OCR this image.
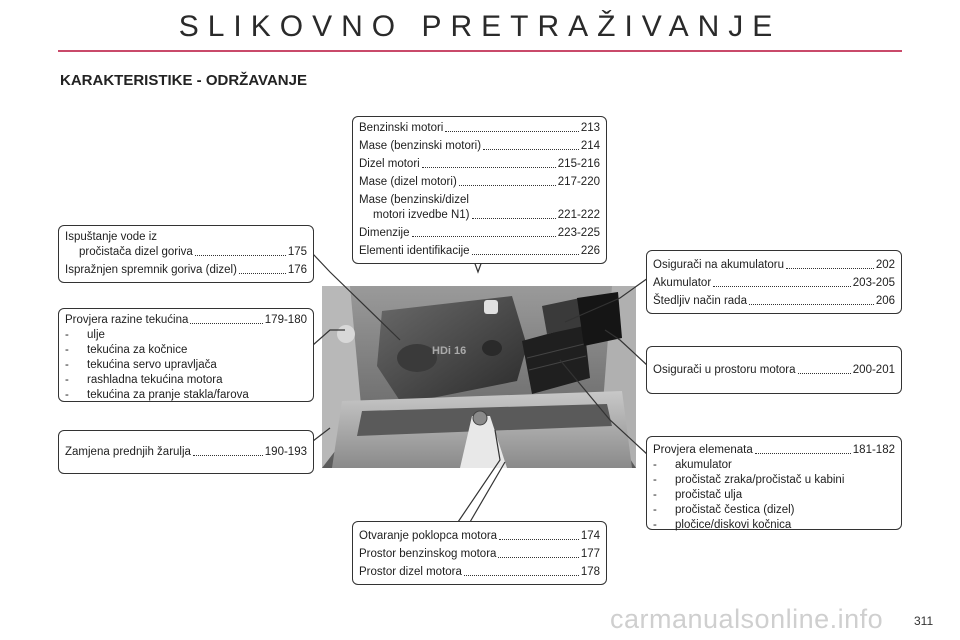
SLIKOVNO PRETRAŽIVANJE
KARAKTERISTIKE - ODRŽAVANJE
HDi 16
Benzinski motori	213
Mase (benzinski motori)	214
Dizel motori	215-216
Mase (dizel motori)	217-220
Mase (benzinski/dizel
motori izvedbe N1)	221-222
Dimenzije	223-225
Elementi identifikacije	226
Ispuštanje vode iz
pročistača dizel goriva	175
Ispražnjen spremnik goriva (dizel)	176
Provjera razine tekućina	179-180
-	ulje
-	tekućina za kočnice
-	tekućina servo upravljača
-	rashladna tekućina motora
-	tekućina za pranje stakla/farova
Zamjena prednjih žarulja	190-193
Osigurači na akumulatoru	202
Akumulator	203-205
Štedljiv način rada	206
Osigurači u prostoru motora	200-201
Provjera elemenata	181-182
-	akumulator
-	pročistač zraka/pročistač u kabini
-	pročistač ulja
-	pročistač čestica (dizel)
-	pločice/diskovi kočnica
Otvaranje poklopca motora	174
Prostor benzinskog motora	177
Prostor dizel motora	178
carmanualsonline.info	311
